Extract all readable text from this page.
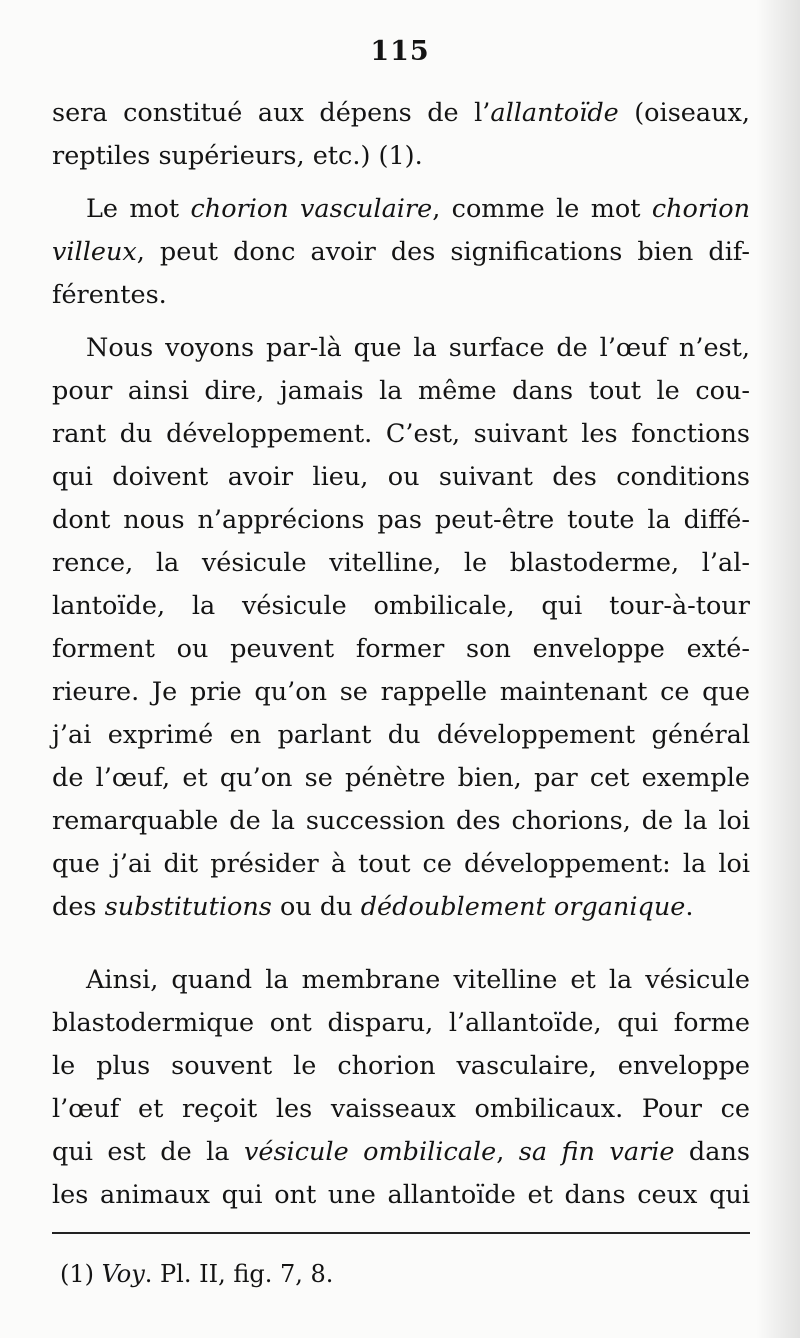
115
sera constitué aux dépens de l’allantoïde (oiseaux,
reptiles supérieurs, etc.) (1).
Le mot chorion vasculaire, comme le mot chorion
villeux, peut donc avoir des significations bien dif-
férentes.
Nous voyons par-là que la surface de l’œuf n’est,
pour ainsi dire, jamais la même dans tout le cou-
rant du développement. C’est, suivant les fonctions
qui doivent avoir lieu, ou suivant des conditions
dont nous n’apprécions pas peut-être toute la diffé-
rence, la vésicule vitelline, le blastoderme, l’al-
lantoïde, la vésicule ombilicale, qui tour-à-tour
forment ou peuvent former son enveloppe exté-
rieure. Je prie qu’on se rappelle maintenant ce que
j’ai exprimé en parlant du développement général
de l’œuf, et qu’on se pénètre bien, par cet exemple
remarquable de la succession des chorions, de la loi
que j’ai dit présider à tout ce développement: la loi
des substitutions ou du dédoublement organique.
Ainsi, quand la membrane vitelline et la vésicule
blastodermique ont disparu, l’allantoïde, qui forme
le plus souvent le chorion vasculaire, enveloppe
l’œuf et reçoit les vaisseaux ombilicaux. Pour ce
qui est de la vésicule ombilicale, sa fin varie dans
les animaux qui ont une allantoïde et dans ceux qui
(1) Voy. Pl. II, fig. 7, 8.
